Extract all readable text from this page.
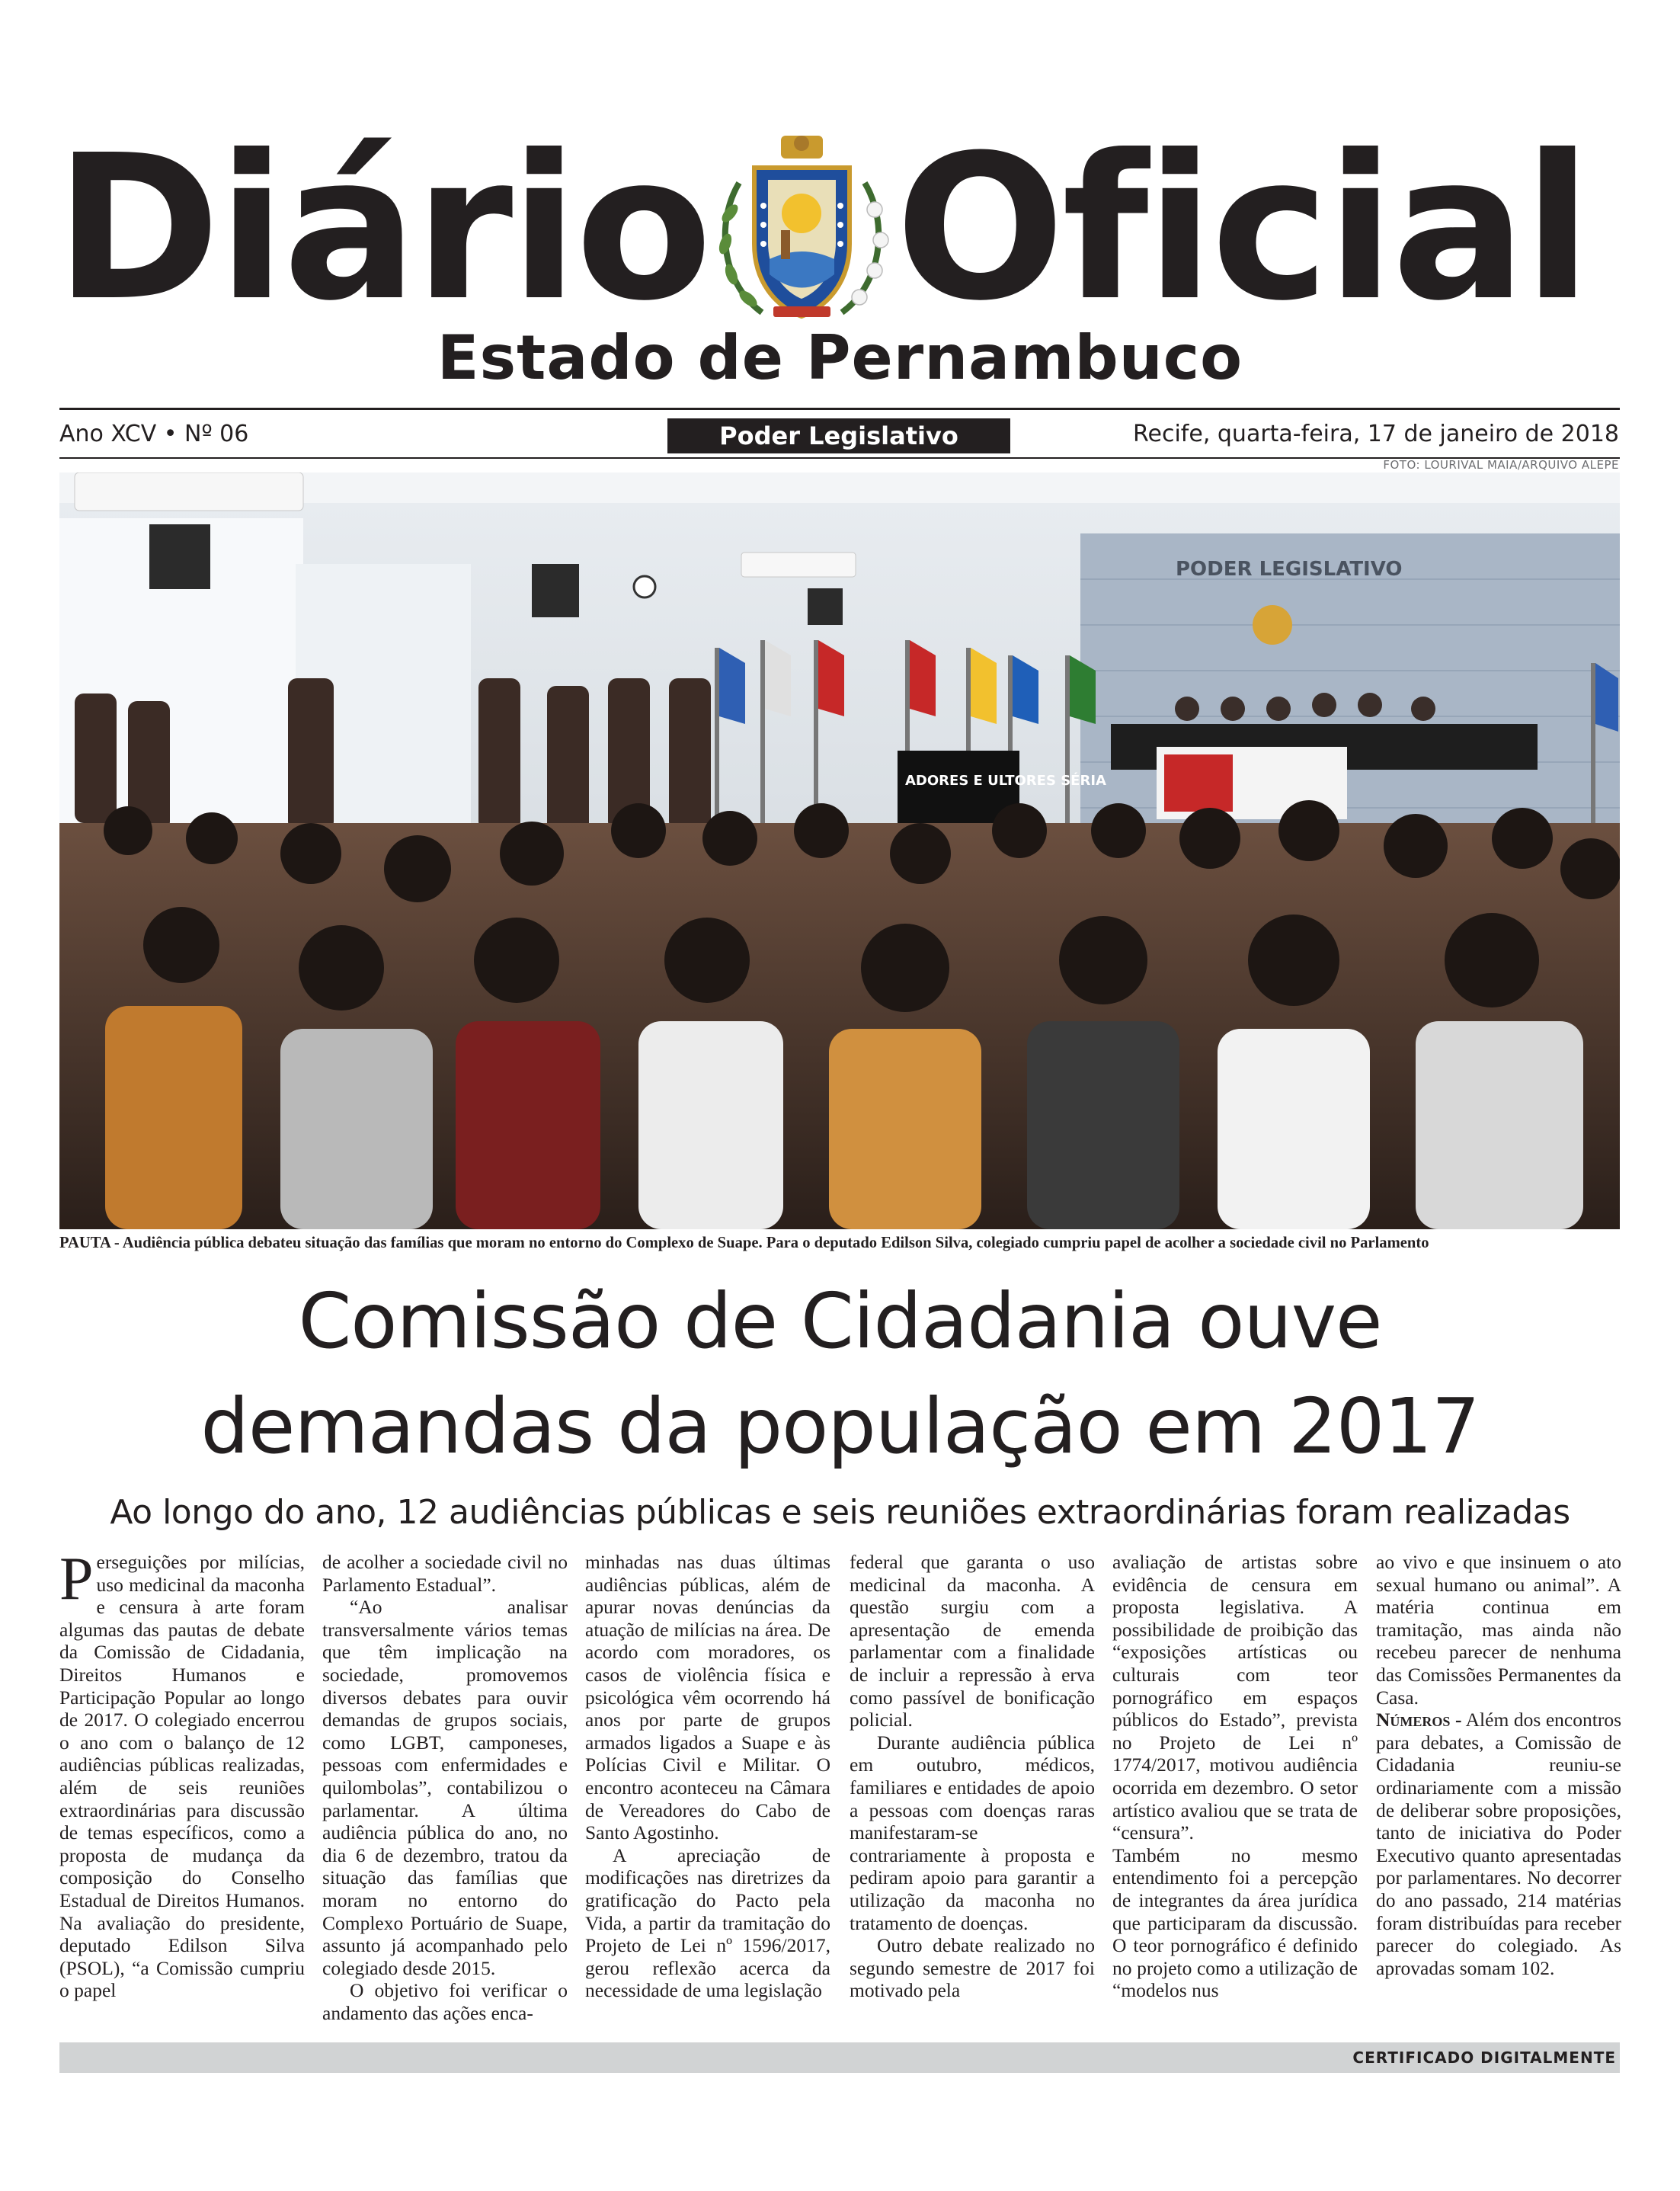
Diário Oficial
Estado de Pernambuco
Ano XCV • Nº 06	Poder Legislativo	Recife, quarta-feira, 17 de janeiro de 2018
FOTO: LOURIVAL MAIA/ARQUIVO ALEPE
PODER LEGISLATIVO
ADORES E ULTORES SÉRIA
PAUTA - Audiência pública debateu situação das famílias que moram no entorno do Complexo de Suape. Para o deputado Edilson Silva, colegiado cumpriu papel de acolher a sociedade civil no Parlamento
Comissão de Cidadania ouve
demandas da população em 2017
Ao longo do ano, 12 audiências públicas e seis reuniões extraordinárias foram realizadas

Perseguições por milícias, uso medicinal da maconha e censura à arte foram algumas das pautas de debate da Comissão de Cidadania, Direitos Humanos e Participação Popular ao longo de 2017. O colegiado encerrou o ano com o balanço de 12 audiências públicas realizadas, além de seis reuniões extraordinárias para discussão de temas específicos, como a proposta de mudança da composição do Conselho Estadual de Direitos Humanos. Na avaliação do presidente, deputado Edilson Silva (PSOL), “a Comissão cumpriu o papel

de acolher a sociedade civil no Parlamento Estadual”.

“Ao analisar transversalmente vários temas que têm implicação na sociedade, promovemos diversos debates para ouvir demandas de grupos sociais, como LGBT, camponeses, pessoas com enfermidades e quilombolas”, contabilizou o parlamentar. A última audiência pública do ano, no dia 6 de dezembro, tratou da situação das famílias que moram no entorno do Complexo Portuário de Suape, assunto já acompanhado pelo colegiado desde 2015.

O objetivo foi verificar o andamento das ações enca-

minhadas nas duas últimas audiências públicas, além de apurar novas denúncias da atuação de milícias na área. De acordo com moradores, os casos de violência física e psicológica vêm ocorrendo há anos por parte de grupos armados ligados a Suape e às Polícias Civil e Militar. O encontro aconteceu na Câmara de Vereadores do Cabo de Santo Agostinho.

A apreciação de modificações nas diretrizes da gratificação do Pacto pela Vida, a partir da tramitação do Projeto de Lei nº 1596/2017, gerou reflexão acerca da necessidade de uma legislação

federal que garanta o uso medicinal da maconha. A questão surgiu com a apresentação de emenda parlamentar com a finalidade de incluir a repressão à erva como passível de bonificação policial.

Durante audiência pública em outubro, médicos, familiares e entidades de apoio a pessoas com doenças raras manifestaram-se contrariamente à proposta e pediram apoio para garantir a utilização da maconha no tratamento de doenças.

Outro debate realizado no segundo semestre de 2017 foi motivado pela

avaliação de artistas sobre evidência de censura em proposta legislativa. A possibilidade de proibição das “exposições artísticas ou culturais com teor pornográfico em espaços públicos do Estado”, prevista no Projeto de Lei nº 1774/2017, motivou audiência ocorrida em dezembro. O setor artístico avaliou que se trata de “censura”.

Também no mesmo entendimento foi a percepção de integrantes da área jurídica que participaram da discussão. O teor pornográfico é definido no projeto como a utilização de “modelos nus

ao vivo e que insinuem o ato sexual humano ou animal”. A matéria continua em tramitação, mas ainda não recebeu parecer de nenhuma das Comissões Permanentes da Casa.

Números - Além dos encontros para debates, a Comissão de Cidadania reuniu-se ordinariamente com a missão de deliberar sobre proposições, tanto de iniciativa do Poder Executivo quanto apresentadas por parlamentares. No decorrer do ano passado, 214 matérias foram distribuídas para receber parecer do colegiado. As aprovadas somam 102.

CERTIFICADO DIGITALMENTE
